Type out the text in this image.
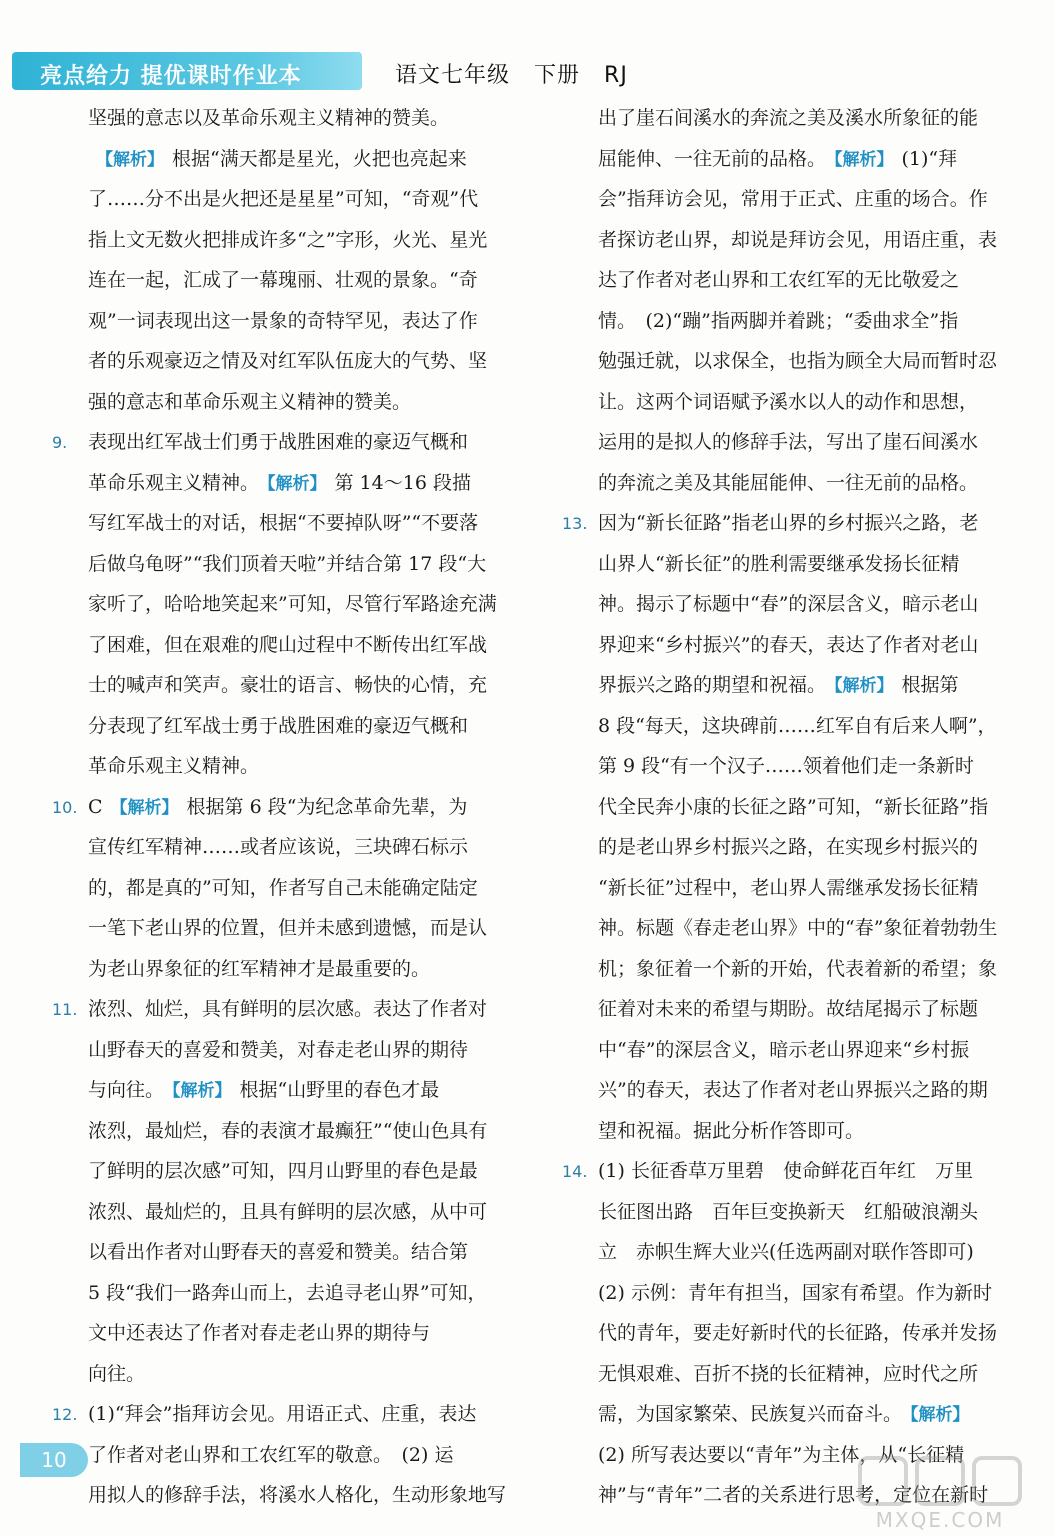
亮点给力 提优课时作业本	语文七年级 下册 RJ
坚强的意志以及革命乐观主义精神的赞美。
【解析】 根据“满天都是星光，火把也亮起来
了……分不出是火把还是星星”可知，“奇观”代
指上文无数火把排成许多“之”字形，火光、星光
连在一起，汇成了一幕瑰丽、壮观的景象。“奇
观”一词表现出这一景象的奇特罕见，表达了作
者的乐观豪迈之情及对红军队伍庞大的气势、坚
强的意志和革命乐观主义精神的赞美。
9. 表现出红军战士们勇于战胜困难的豪迈气概和
革命乐观主义精神。 【解析】 第 14～16 段描
写红军战士的对话，根据“不要掉队呀”“不要落
后做乌龟呀”“我们顶着天啦”并结合第 17 段“大
家听了，哈哈地笑起来”可知，尽管行军路途充满
了困难，但在艰难的爬山过程中不断传出红军战
士的喊声和笑声。豪壮的语言、畅快的心情，充
分表现了红军战士勇于战胜困难的豪迈气概和
革命乐观主义精神。
10. C 【解析】 根据第 6 段“为纪念革命先辈，为
宣传红军精神……或者应该说，三块碑石标示
的，都是真的”可知，作者写自己未能确定陆定
一笔下老山界的位置，但并未感到遗憾，而是认
为老山界象征的红军精神才是最重要的。
11. 浓烈、灿烂，具有鲜明的层次感。表达了作者对
山野春天的喜爱和赞美，对春走老山界的期待
与向往。 【解析】 根据“山野里的春色才最
浓烈，最灿烂，春的表演才最癫狂”“使山色具有
了鲜明的层次感”可知，四月山野里的春色是最
浓烈、最灿烂的，且具有鲜明的层次感，从中可
以看出作者对山野春天的喜爱和赞美。结合第
5 段“我们一路奔山而上，去追寻老山界”可知，
文中还表达了作者对春走老山界的期待与
向往。
12. (1)“拜会”指拜访会见。用语正式、庄重，表达
了作者对老山界和工农红军的敬意。　(2) 运
用拟人的修辞手法，将溪水人格化，生动形象地写
出了崖石间溪水的奔流之美及溪水所象征的能
屈能伸、一往无前的品格。 【解析】 (1)“拜
会”指拜访会见，常用于正式、庄重的场合。作
者探访老山界，却说是拜访会见，用语庄重，表
达了作者对老山界和工农红军的无比敬爱之
情。　(2)“蹦”指两脚并着跳；“委曲求全”指
勉强迁就，以求保全，也指为顾全大局而暂时忍
让。这两个词语赋予溪水以人的动作和思想，
运用的是拟人的修辞手法，写出了崖石间溪水
的奔流之美及其能屈能伸、一往无前的品格。
13. 因为“新长征路”指老山界的乡村振兴之路，老
山界人“新长征”的胜利需要继承发扬长征精
神。揭示了标题中“春”的深层含义，暗示老山
界迎来“乡村振兴”的春天，表达了作者对老山
界振兴之路的期望和祝福。 【解析】 根据第
8 段“每天，这块碑前……红军自有后来人啊”，
第 9 段“有一个汉子……领着他们走一条新时
代全民奔小康的长征之路”可知，“新长征路”指
的是老山界乡村振兴之路，在实现乡村振兴的
“新长征”过程中，老山界人需继承发扬长征精
神。标题《春走老山界》中的“春”象征着勃勃生
机；象征着一个新的开始，代表着新的希望；象
征着对未来的希望与期盼。故结尾揭示了标题
中“春”的深层含义，暗示老山界迎来“乡村振
兴”的春天，表达了作者对老山界振兴之路的期
望和祝福。据此分析作答即可。
14. (1) 长征香草万里碧　使命鲜花百年红　万里
长征图出路　百年巨变换新天　红船破浪潮头
立　赤帜生辉大业兴(任选两副对联作答即可)
(2) 示例：青年有担当，国家有希望。作为新时
代的青年，要走好新时代的长征路，传承并发扬
无惧艰难、百折不挠的长征精神，应时代之所
需，为国家繁荣、民族复兴而奋斗。 【解析】
(2) 所写表达要以“青年”为主体，从“长征精
神”与“青年”二者的关系进行思考，定位在新时
10
MXQE.COM
